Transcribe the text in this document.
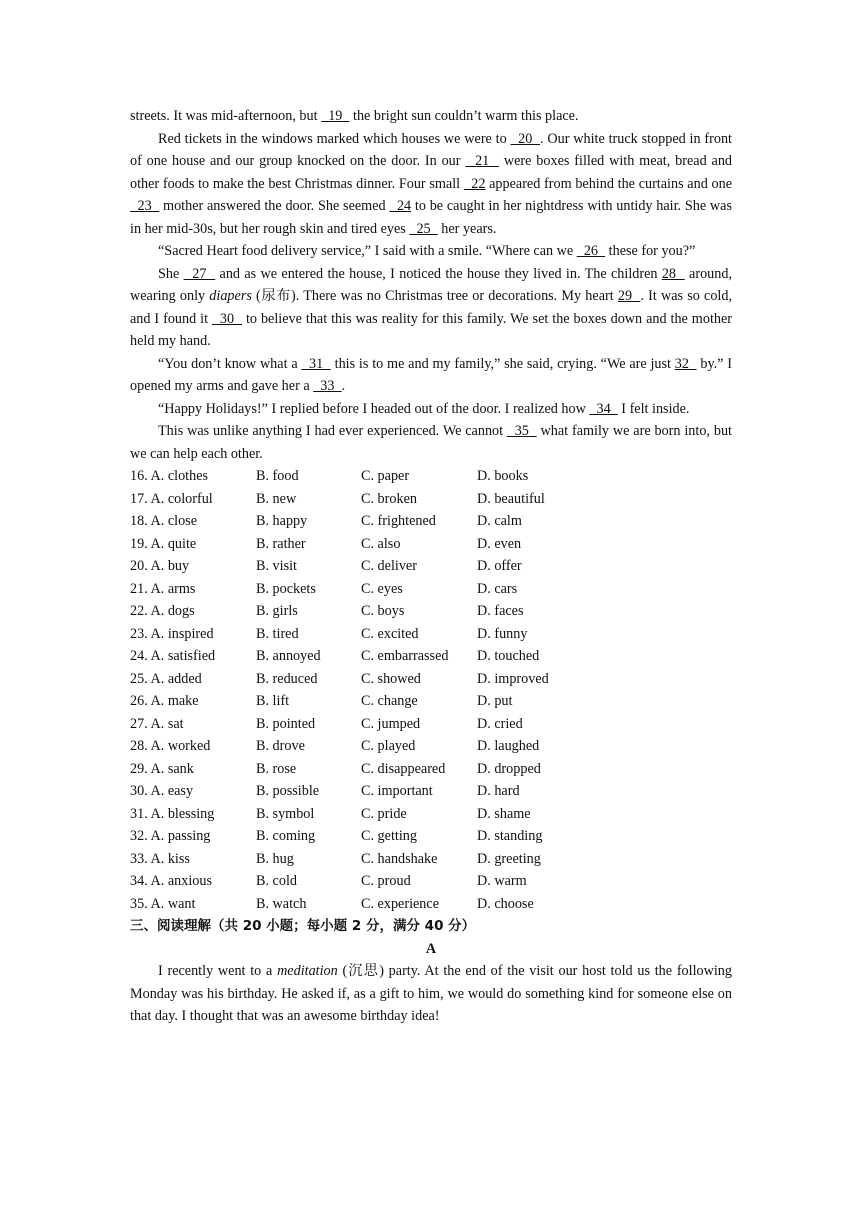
streets. It was mid-afternoon, but   19   the bright sun couldn’t warm this place.

Red tickets in the windows marked which houses we were to   20  . Our white truck stopped in front of one house and our group knocked on the door. In our   21   were boxes filled with meat, bread and other foods to make the best Christmas dinner. Four small   22 appeared from behind the curtains and one   23   mother answered the door. She seemed   24 to be caught in her nightdress with untidy hair. She was in her mid-30s, but her rough skin and tired eyes   25   her years.

“Sacred Heart food delivery service,” I said with a smile. “Where can we   26   these for you?”

She   27   and as we entered the house, I noticed the house they lived in. The children 28   around, wearing only diapers (尿布). There was no Christmas tree or decorations. My heart 29  . It was so cold, and I found it   30   to believe that this was reality for this family. We set the boxes down and the mother held my hand.

“You don’t know what a   31   this is to me and my family,” she said, crying. “We are just 32   by.” I opened my arms and gave her a   33  .

“Happy Holidays!” I replied before I headed out of the door. I realized how   34   I felt inside.

This was unlike anything I had ever experienced. We cannot   35   what family we are born into, but we can help each other.

16. A. clothes	B. food	C. paper	D. books
17. A. colorful	B. new	C. broken	D. beautiful
18. A. close	B. happy	C. frightened	D. calm
19. A. quite	B. rather	C. also	D. even
20. A. buy	B. visit	C. deliver	D. offer
21. A. arms	B. pockets	C. eyes	D. cars
22. A. dogs	B. girls	C. boys	D. faces
23. A. inspired	B. tired	C. excited	D. funny
24. A. satisfied	B. annoyed	C. embarrassed	D. touched
25. A. added	B. reduced	C. showed	D. improved
26. A. make	B. lift	C. change	D. put
27. A. sat	B. pointed	C. jumped	D. cried
28. A. worked	B. drove	C. played	D. laughed
29. A. sank	B. rose	C. disappeared	D. dropped
30. A. easy	B. possible	C. important	D. hard
31. A. blessing	B. symbol	C. pride	D. shame
32. A. passing	B. coming	C. getting	D. standing
33. A. kiss	B. hug	C. handshake	D. greeting
34. A. anxious	B. cold	C. proud	D. warm
35. A. want	B. watch	C. experience	D. choose

三、阅读理解（共 20 小题；每小题 2 分，满分 40 分）

A

I recently went to a meditation (沉思) party. At the end of the visit our host told us the following Monday was his birthday. He asked if, as a gift to him, we would do something kind for someone else on that day. I thought that was an awesome birthday idea!
